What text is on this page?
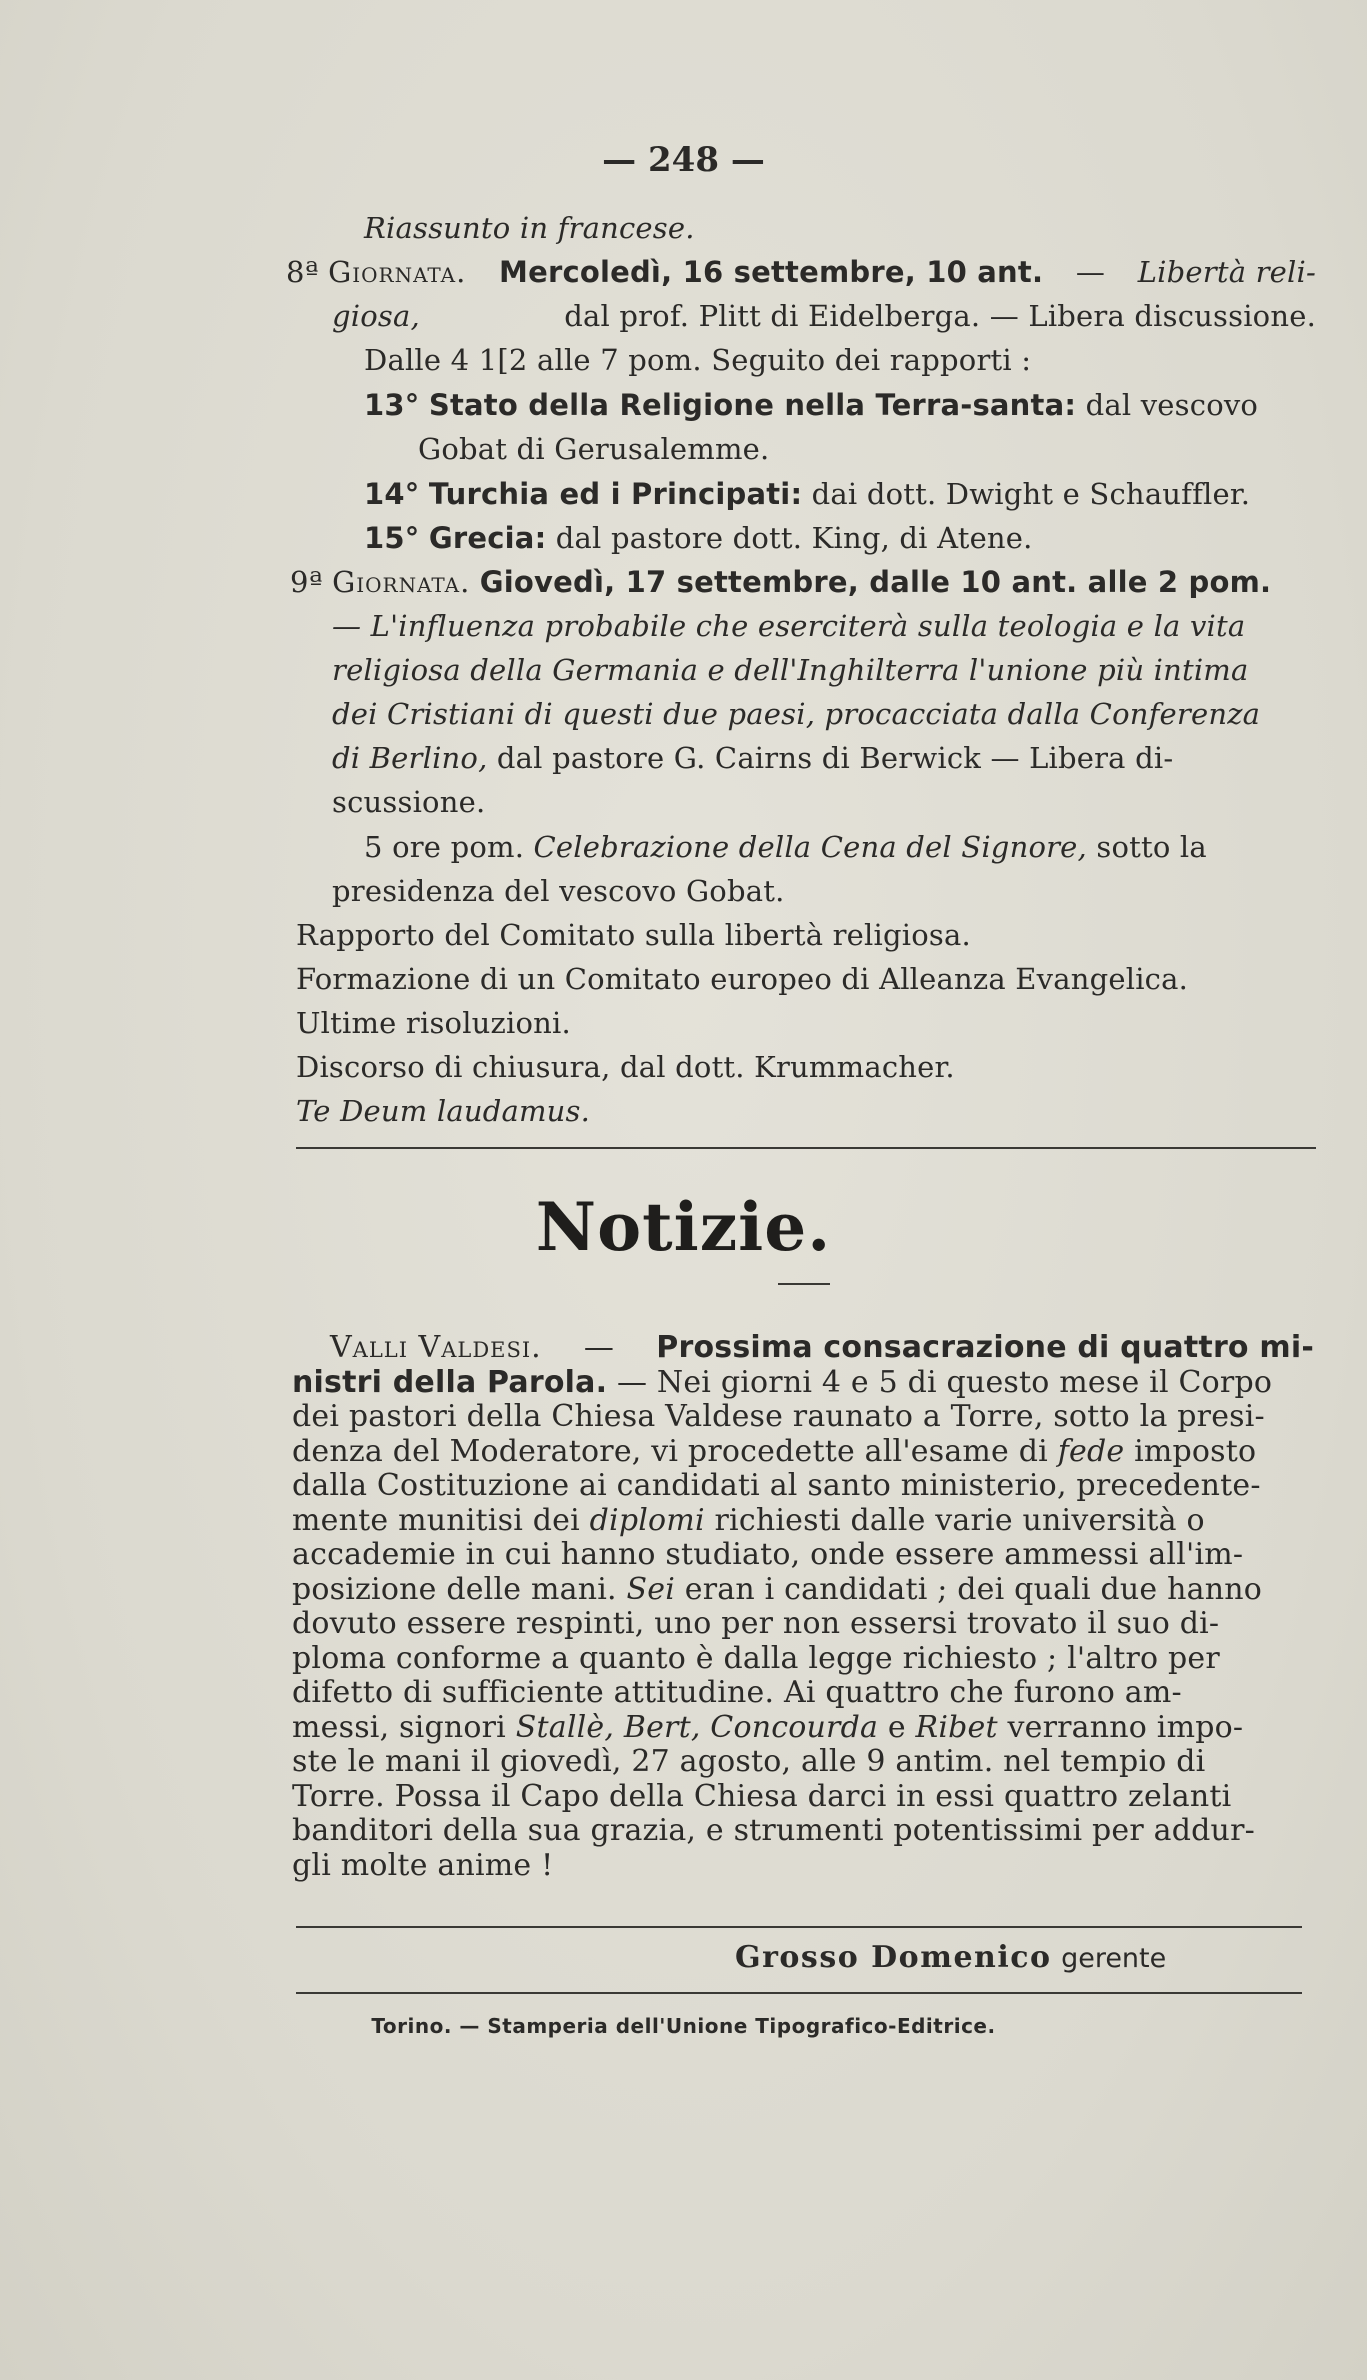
— 248 —
Riassunto in francese.
8ª Giornata. Mercoledì, 16 settembre, 10 ant. — Libertà reli-
giosa,	dal prof. Plitt di Eidelberga. — Libera discussione.
Dalle 4 1[2 alle 7 pom. Seguito dei rapporti :
13° Stato della Religione nella Terra-santa: dal vescovo
Gobat di Gerusalemme.
14° Turchia ed i Principati: dai dott. Dwight e Schauffler.
15° Grecia: dal pastore dott. King, di Atene.
9ª Giornata. Giovedì, 17 settembre, dalle 10 ant. alle 2 pom.
— L'influenza probabile che eserciterà sulla teologia e la vita
religiosa della Germania e dell'Inghilterra l'unione più intima
dei Cristiani di questi due paesi, procacciata dalla Conferenza
di Berlino, dal pastore G. Cairns di Berwick — Libera di-
scussione.
5 ore pom. Celebrazione della Cena del Signore, sotto la
presidenza del vescovo Gobat.
Rapporto del Comitato sulla libertà religiosa.
Formazione di un Comitato europeo di Alleanza Evangelica.
Ultime risoluzioni.
Discorso di chiusura, dal dott. Krummacher.
Te Deum laudamus.
Notizie.
Valli Valdesi. — Prossima consacrazione di quattro mi-
nistri della Parola. — Nei giorni 4 e 5 di questo mese il Corpo
dei pastori della Chiesa Valdese raunato a Torre, sotto la presi-
denza del Moderatore, vi procedette all'esame di fede imposto
dalla Costituzione ai candidati al santo ministerio, precedente-
mente munitisi dei diplomi richiesti dalle varie università o
accademie in cui hanno studiato, onde essere ammessi all'im-
posizione delle mani. Sei eran i candidati ; dei quali due hanno
dovuto essere respinti, uno per non essersi trovato il suo di-
ploma conforme a quanto è dalla legge richiesto ; l'altro per
difetto di sufficiente attitudine. Ai quattro che furono am-
messi, signori Stallè, Bert, Concourda e Ribet verranno impo-
ste le mani il giovedì, 27 agosto, alle 9 antim. nel tempio di
Torre. Possa il Capo della Chiesa darci in essi quattro zelanti
banditori della sua grazia, e strumenti potentissimi per addur-
gli molte anime !
Grosso Domenico gerente
Torino. — Stamperia dell'Unione Tipografico-Editrice.
